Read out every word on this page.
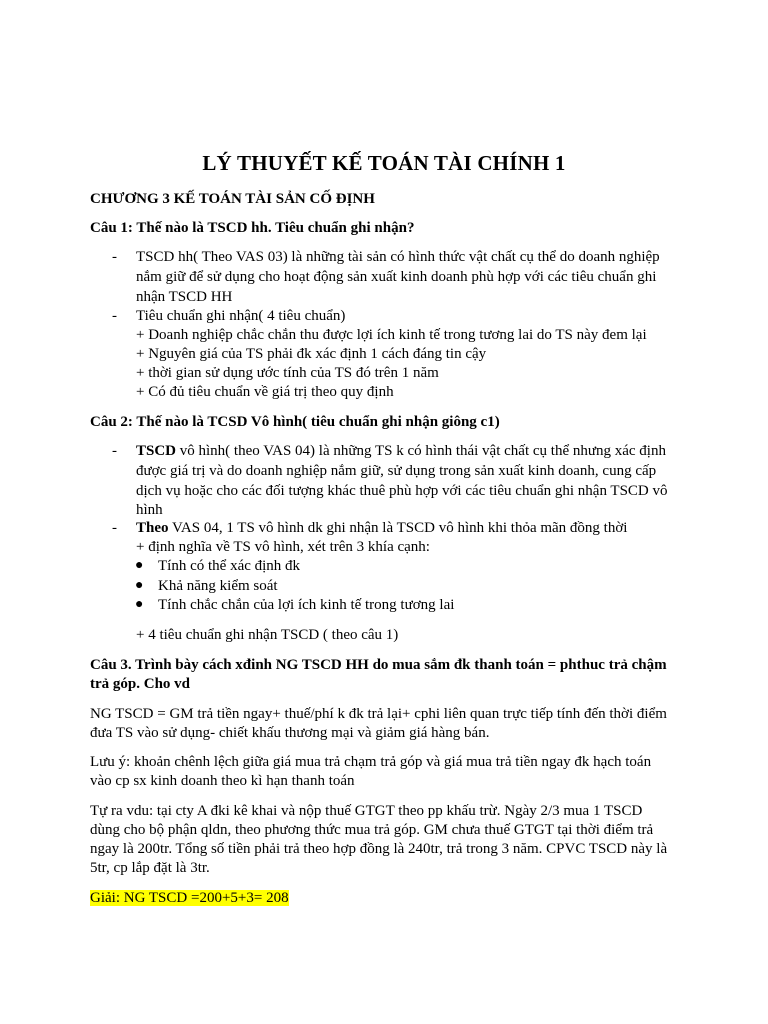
LÝ THUYẾT KẾ TOÁN TÀI CHÍNH 1
CHƯƠNG 3 KẾ TOÁN TÀI SẢN CỐ ĐỊNH
Câu 1: Thế nào là TSCD hh. Tiêu chuẩn ghi nhận?
- TSCD hh( Theo VAS 03) là những tài sản có hình thức vật chất cụ thể do doanh nghiệp
nắm giữ để sử dụng cho hoạt động sản xuất kinh doanh phù hợp với các tiêu chuẩn ghi
nhận TSCD HH
- Tiêu chuẩn ghi nhận( 4 tiêu chuẩn)
+ Doanh nghiệp chắc chắn thu được lợi ích kinh tế trong tương lai do TS này đem lại
+ Nguyên giá của TS phải đk xác định 1 cách đáng tin cậy
+ thời gian sử dụng ước tính của TS đó trên 1 năm
+ Có đủ tiêu chuẩn về giá trị theo quy định
Câu 2: Thế nào là TCSD Vô hình( tiêu chuẩn ghi nhận giông c1)
- TSCD vô hình( theo VAS 04) là những TS k có hình thái vật chất cụ thể nhưng xác định
được giá trị và do doanh nghiệp nắm giữ, sử dụng trong sản xuất kinh doanh, cung cấp
dịch vụ hoặc cho các đối tượng khác thuê phù hợp với các tiêu chuẩn ghi nhận TSCD vô
hình
- Theo VAS 04, 1 TS vô hình dk ghi nhận là TSCD vô hình khi thỏa mãn đồng thời
+ định nghĩa về TS vô hình, xét trên 3 khía cạnh:
● Tính có thể xác định đk
● Khả năng kiểm soát
● Tính chắc chắn của lợi ích kinh tế trong tương lai
+ 4 tiêu chuẩn ghi nhận TSCD ( theo câu 1)
Câu 3. Trình bày cách xđinh NG TSCD HH do mua sắm đk thanh toán = phthuc trả chậm
trả góp. Cho vd
NG TSCD = GM trả tiền ngay+ thuế/phí k đk trả lại+ cphi liên quan trực tiếp tính đến thời điểm
đưa TS vào sử dụng- chiết khấu thương mại và giảm giá hàng bán.
Lưu ý: khoản chênh lệch giữa giá mua trả chạm trả góp và giá mua trả tiền ngay đk hạch toán
vào cp sx kinh doanh theo kì hạn thanh toán
Tự ra vdu: tại cty A đki kê khai và nộp thuế GTGT theo pp khấu trừ. Ngày 2/3 mua 1 TSCD
dùng cho bộ phận qldn, theo phương thức mua trả góp. GM chưa thuế GTGT tại thời điểm trả
ngay là 200tr. Tổng số tiền phải trả theo hợp đồng là 240tr, trả trong 3 năm. CPVC TSCD này là
5tr, cp lắp đặt là 3tr.
Giải: NG TSCD =200+5+3= 208
